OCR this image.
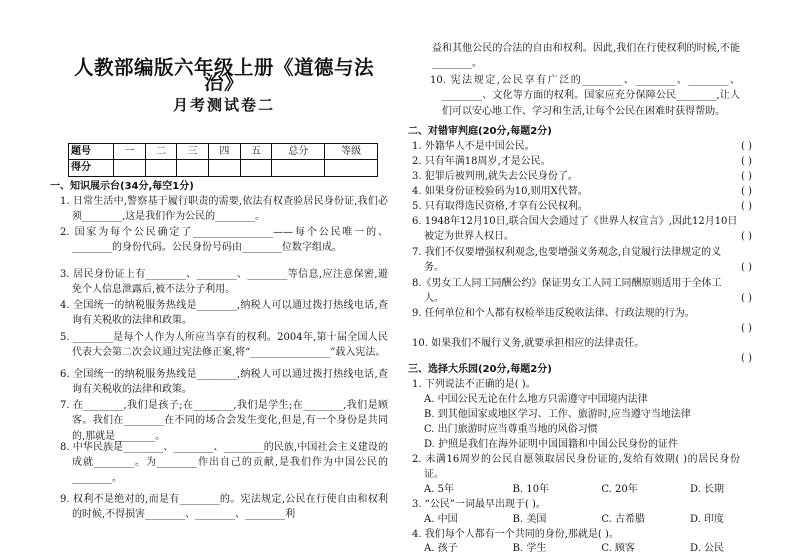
人教部编版六年级上册《道德与法治》
月考测试卷二
题号	一	二	三	四	五	总分	等级
得分							
一、知识展示台(34分,每空1分)
1. 日常生活中,警察基于履行职责的需要,依法有权查验居民身份证,我们必须________,这是我们作为公民的________。
2. 国家为每个公民确定了________________——每个公民唯一的、________的身份代码。公民身份号码由________位数字组成。
3. 居民身份证上有________、________、________等信息,应注意保密,避免个人信息泄露后,被不法分子利用。
4. 全国统一的纳税服务热线是________,纳税人可以通过拨打热线电话,查询有关税收的法律和政策。
5. ________是每个人作为人所应当享有的权利。2004年,第十届全国人民代表大会第二次会议通过宪法修正案,将“________________”载入宪法。
6. 全国统一的纳税服务热线是________,纳税人可以通过拨打热线电话,查询有关税收的法律和政策。
7. 在________,我们是孩子;在________,我们是学生;在________,我们是顾客。我们在________在不同的场合会发生变化,但是,有一个身份是共同的,那就是________。
8. 中华民族是________、________、________的民族,中国社会主义建设的成就________。为________作出自己的贡献,是我们作为中国公民的________。
9. 权利不是绝对的,而是有________的。宪法规定,公民在行使自由和权利的时候,不得损害________、________、________利
益和其他公民的合法的自由和权利。因此,我们在行使权利的时候,不能________。
10. 宪法规定,公民享有广泛的________、________、________、________、文化等方面的权利。国家应充分保障公民________,让人们可以安心地工作、学习和生活,让每个公民在困难时获得帮助。
二、对错审判庭(20分,每题2分)
1. 外籍华人不是中国公民。	( )
2. 只有年满18周岁,才是公民。	( )
3. 犯罪后被判刑,就失去公民身份了。	( )
4. 如果身份证校验码为10,则用X代替。	( )
5. 只有取得选民资格,才享有公民权利。	( )
6. 1948年12月10日,联合国大会通过了《世界人权宣言》,因此12月10日被定为世界人权日。	( )
7. 我们不仅要增强权利观念,也要增强义务观念,自觉履行法律规定的义务。	( )
8.《男女工人同工同酬公约》保证男女工人同工同酬原则适用于全体工人。	( )
9. 任何单位和个人都有权检举违反税收法律、行政法规的行为。
( )
10. 如果我们不履行义务,就要承担相应的法律责任。
( )
三、选择大乐园(20分,每题2分)
1. 下列说法不正确的是( )。
A. 中国公民无论在什么地方只需遵守中国境内法律
B. 到其他国家或地区学习、工作、旅游时,应当遵守当地法律
C. 出门旅游时应当尊重当地的风俗习惯
D. 护照是我们在海外证明中国国籍和中国公民身份的证件
2. 未满16周岁的公民自愿领取居民身份证的,发给有效期( )的居民身份证。
A. 5年	B. 10年	C. 20年	D. 长期
3. “公民”一词最早出现于( )。
A. 中国	B. 美国	C. 古希腊	D. 印度
4. 我们每个人都有一个共同的身份,那就是( )。
A. 孩子	B. 学生	C. 顾客	D. 公民
